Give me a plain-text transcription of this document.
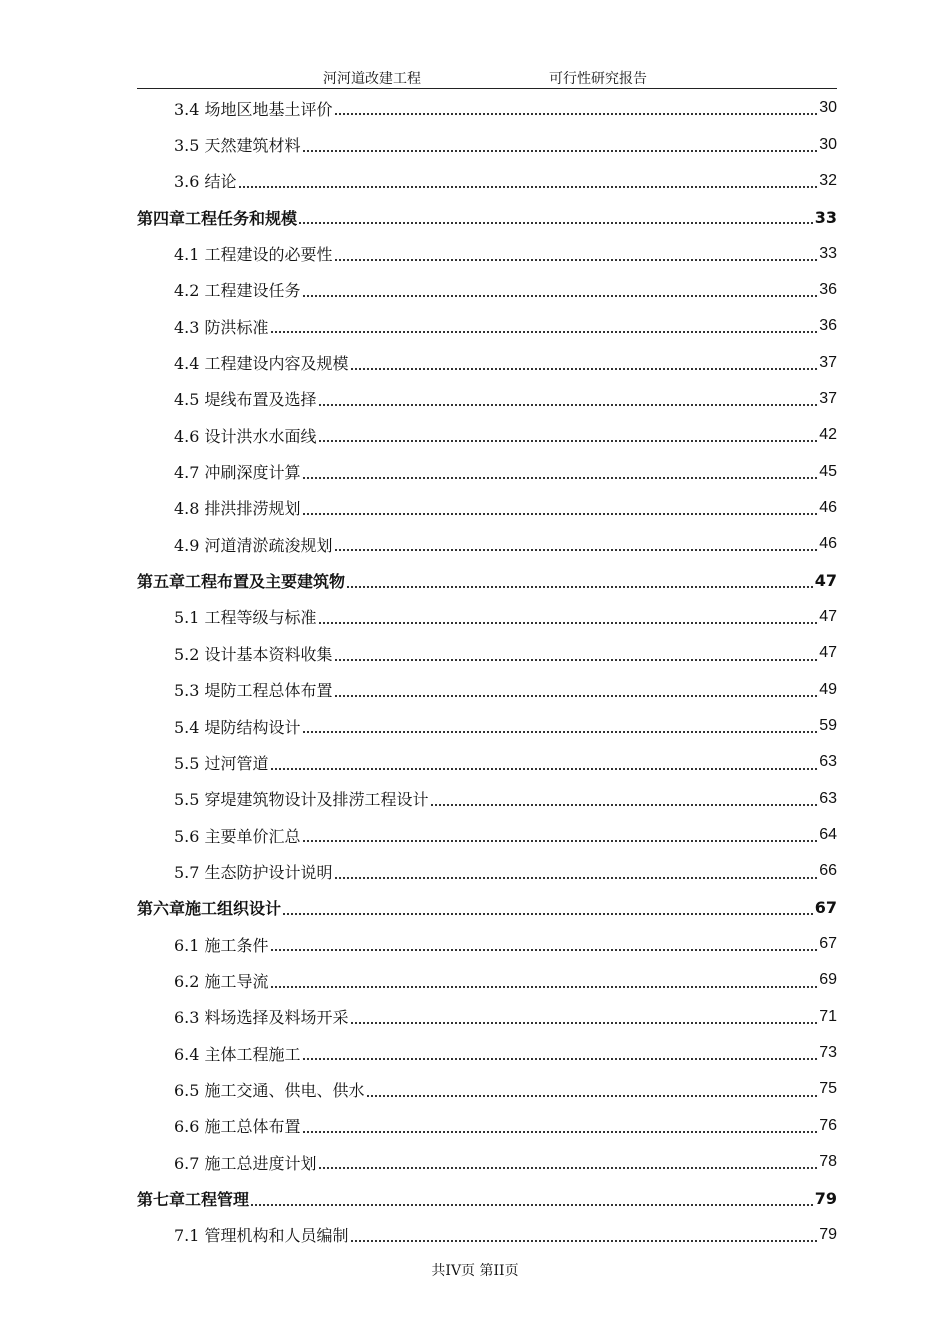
河河道改建工程	可行性研究报告
3.4 场地区地基土评价	30
3.5 天然建筑材料	30
3.6 结论	32
第四章工程任务和规模	33
4.1 工程建设的必要性	33
4.2 工程建设任务	36
4.3 防洪标准	36
4.4 工程建设内容及规模	37
4.5 堤线布置及选择	37
4.6 设计洪水水面线	42
4.7 冲刷深度计算	45
4.8 排洪排涝规划	46
4.9 河道清淤疏浚规划	46
第五章工程布置及主要建筑物	47
5.1 工程等级与标准	47
5.2 设计基本资料收集	47
5.3 堤防工程总体布置	49
5.4 堤防结构设计	59
5.5 过河管道	63
5.5 穿堤建筑物设计及排涝工程设计	63
5.6 主要单价汇总	64
5.7 生态防护设计说明	66
第六章施工组织设计	67
6.1 施工条件	67
6.2 施工导流	69
6.3 料场选择及料场开采	71
6.4 主体工程施工	73
6.5 施工交通、供电、供水	75
6.6 施工总体布置	76
6.7 施工总进度计划	78
第七章工程管理	79
7.1 管理机构和人员编制	79
共IV页 第II页
